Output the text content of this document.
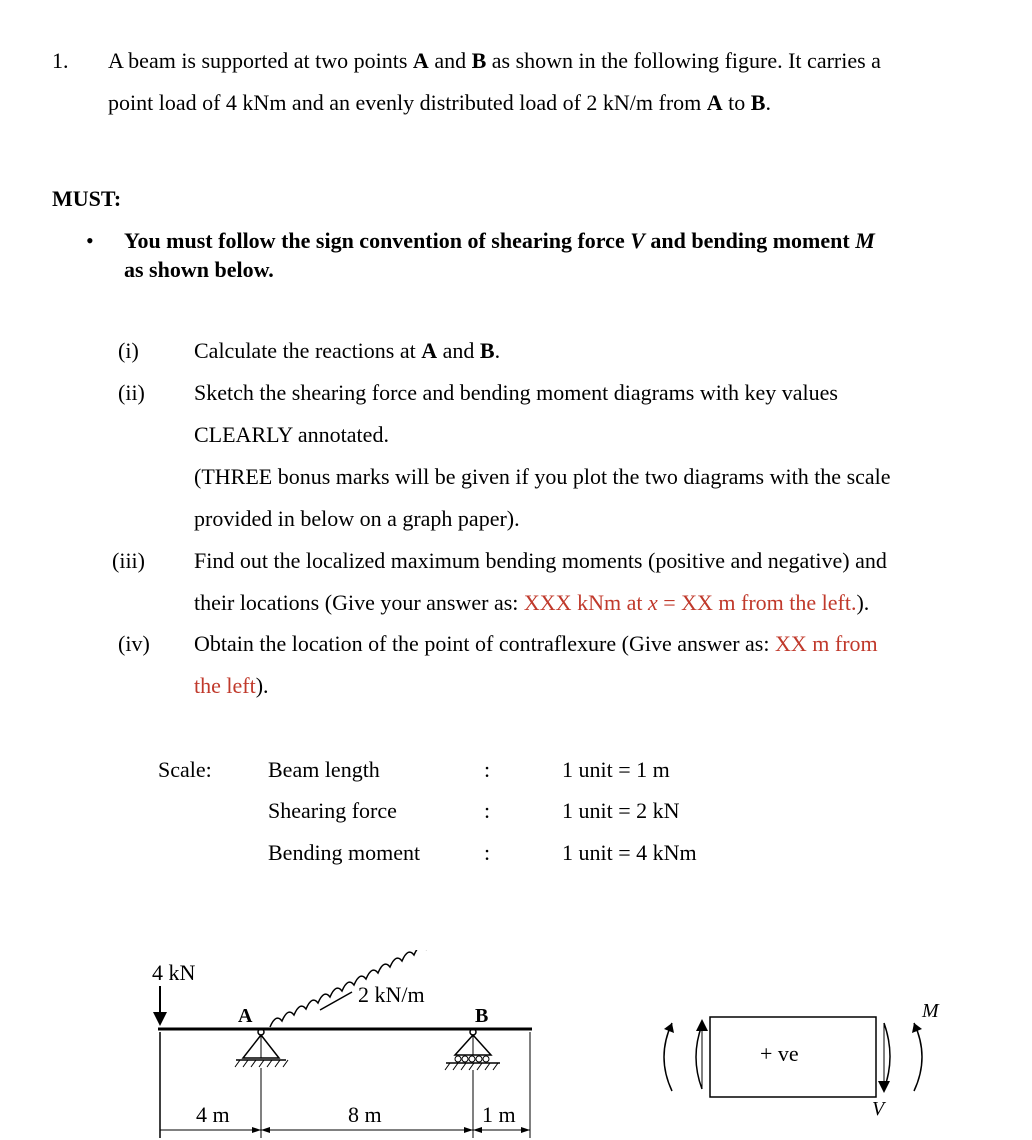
1. A beam is supported at two points A and B as shown in the following figure. It carries a
point load of 4 kNm and an evenly distributed load of 2 kN/m from A to B.
MUST:
• You must follow the sign convention of shearing force V and bending moment M
as shown below.
(i)	Calculate the reactions at A and B.
(ii) Sketch the shearing force and bending moment diagrams with key values
CLEARLY annotated.
(THREE bonus marks will be given if you plot the two diagrams with the scale
provided in below on a graph paper).
(iii) Find out the localized maximum bending moments (positive and negative) and
their locations (Give your answer as: XXX kNm at x = XX m from the left.).
(iv) Obtain the location of the point of contraflexure (Give answer as: XX m from
the left).
Scale:	Beam length	:	1 unit = 1 m
Shearing force	:	1 unit = 2 kN
Bending moment	:	1 unit = 4 kNm
4 kN
2 kN/m
A	B
4 m	8 m	1 m
+ ve
M
V
